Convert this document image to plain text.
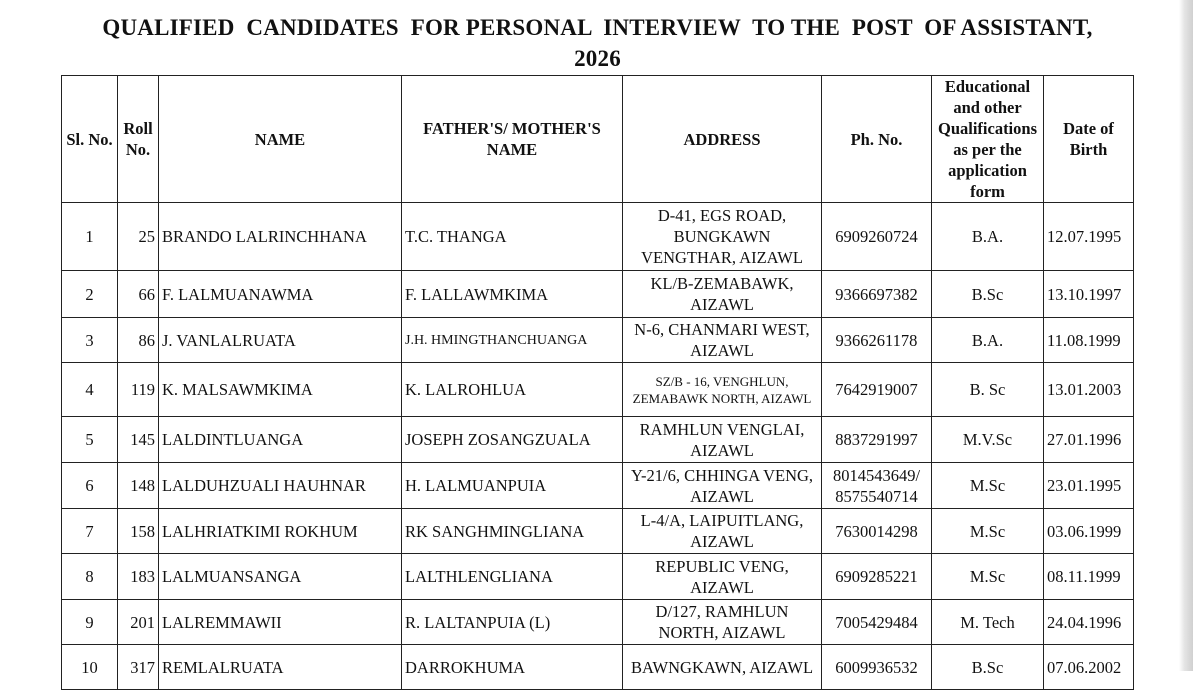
QUALIFIED  CANDIDATES  FOR PERSONAL  INTERVIEW  TO THE  POST  OF ASSISTANT,
2026
Sl. No.	Roll No.	NAME	FATHER'S/ MOTHER'S NAME	ADDRESS	Ph. No.	Educational and other Qualifications as per the application form	Date of Birth
1	25	BRANDO LALRINCHHANA	T.C. THANGA	D-41, EGS ROAD, BUNGKAWN VENGTHAR, AIZAWL	6909260724	B.A.	12.07.1995
2	66	F. LALMUANAWMA	F. LALLAWMKIMA	KL/B-ZEMABAWK, AIZAWL	9366697382	B.Sc	13.10.1997
3	86	J. VANLALRUATA	J.H. HMINGTHANCHUANGA	N-6, CHANMARI WEST, AIZAWL	9366261178	B.A.	11.08.1999
4	119	K. MALSAWMKIMA	K. LALROHLUA	SZ/B - 16, VENGHLUN, ZEMABAWK NORTH, AIZAWL	7642919007	B. Sc	13.01.2003
5	145	LALDINTLUANGA	JOSEPH ZOSANGZUALA	RAMHLUN VENGLAI, AIZAWL	8837291997	M.V.Sc	27.01.1996
6	148	LALDUHZUALI HAUHNAR	H. LALMUANPUIA	Y-21/6, CHHINGA VENG, AIZAWL	8014543649/ 8575540714	M.Sc	23.01.1995
7	158	LALHRIATKIMI ROKHUM	RK SANGHMINGLIANA	L-4/A, LAIPUITLANG, AIZAWL	7630014298	M.Sc	03.06.1999
8	183	LALMUANSANGA	LALTHLENGLIANA	REPUBLIC VENG, AIZAWL	6909285221	M.Sc	08.11.1999
9	201	LALREMMAWII	R. LALTANPUIA (L)	D/127, RAMHLUN NORTH, AIZAWL	7005429484	M. Tech	24.04.1996
10	317	REMLALRUATA	DARROKHUMA	BAWNGKAWN, AIZAWL	6009936532	B.Sc	07.06.2002
